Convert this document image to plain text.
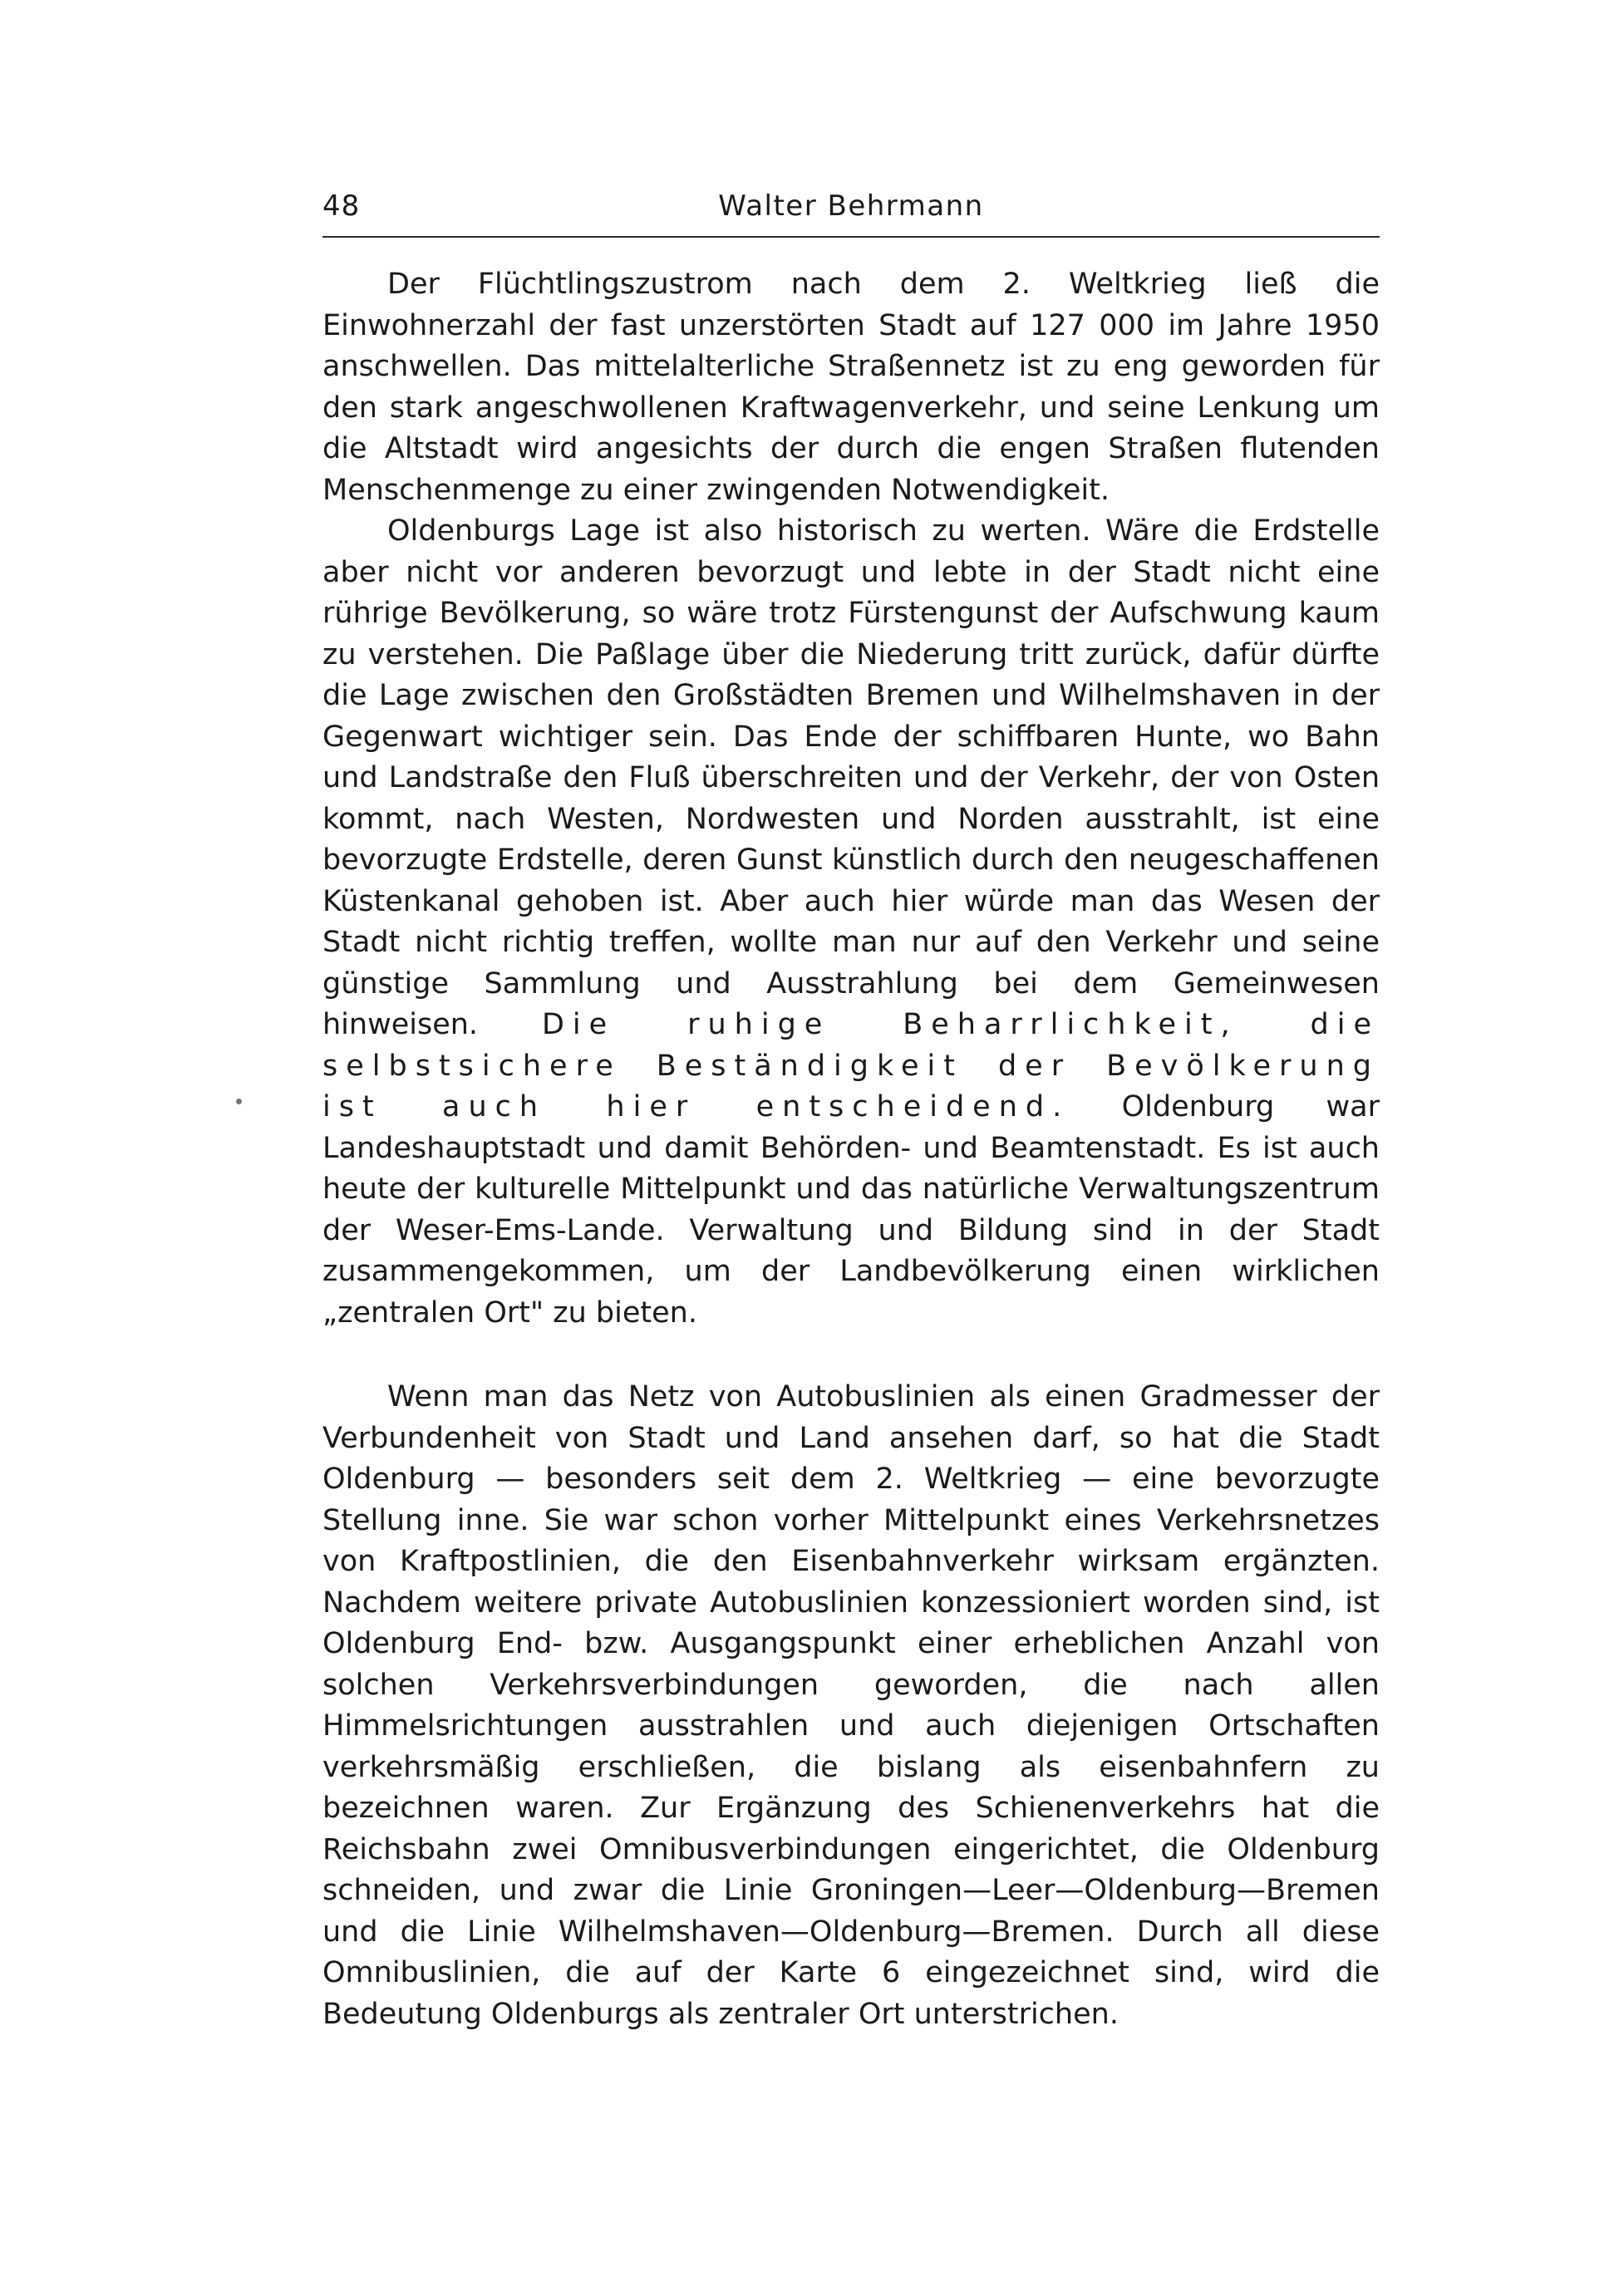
48	Walter Behrmann

Der Flüchtlingszustrom nach dem 2. Weltkrieg ließ die Einwohnerzahl der fast unzerstörten Stadt auf 127 000 im Jahre 1950 anschwellen. Das mittelalterliche Straßennetz ist zu eng geworden für den stark angeschwollenen Kraftwagenverkehr, und seine Lenkung um die Altstadt wird angesichts der durch die engen Straßen flutenden Menschenmenge zu einer zwingenden Notwendigkeit.

Oldenburgs Lage ist also historisch zu werten. Wäre die Erdstelle aber nicht vor anderen bevorzugt und lebte in der Stadt nicht eine rührige Bevölkerung, so wäre trotz Fürstengunst der Aufschwung kaum zu verstehen. Die Paßlage über die Niederung tritt zurück, dafür dürfte die Lage zwischen den Großstädten Bremen und Wilhelmshaven in der Gegenwart wichtiger sein. Das Ende der schiffbaren Hunte, wo Bahn und Landstraße den Fluß überschreiten und der Verkehr, der von Osten kommt, nach Westen, Nordwesten und Norden ausstrahlt, ist eine bevorzugte Erdstelle, deren Gunst künstlich durch den neugeschaffenen Küstenkanal gehoben ist. Aber auch hier würde man das Wesen der Stadt nicht richtig treffen, wollte man nur auf den Verkehr und seine günstige Sammlung und Ausstrahlung bei dem Gemeinwesen hinweisen. Die ruhige Beharrlichkeit, die selbstsichere Beständigkeit der Bevölkerung ist auch hier entscheidend. Oldenburg war Landeshauptstadt und damit Behörden- und Beamtenstadt. Es ist auch heute der kulturelle Mittelpunkt und das natürliche Verwaltungszentrum der Weser-Ems-Lande. Verwaltung und Bildung sind in der Stadt zusammengekommen, um der Landbevölkerung einen wirklichen „zentralen Ort" zu bieten.

Wenn man das Netz von Autobuslinien als einen Gradmesser der Verbundenheit von Stadt und Land ansehen darf, so hat die Stadt Oldenburg — besonders seit dem 2. Weltkrieg — eine bevorzugte Stellung inne. Sie war schon vorher Mittelpunkt eines Verkehrsnetzes von Kraftpostlinien, die den Eisenbahnverkehr wirksam ergänzten. Nachdem weitere private Autobuslinien konzessioniert worden sind, ist Oldenburg End- bzw. Ausgangspunkt einer erheblichen Anzahl von solchen Verkehrsverbindungen geworden, die nach allen Himmelsrichtungen ausstrahlen und auch diejenigen Ortschaften verkehrsmäßig erschließen, die bislang als eisenbahnfern zu bezeichnen waren. Zur Ergänzung des Schienenverkehrs hat die Reichsbahn zwei Omnibusverbindungen eingerichtet, die Oldenburg schneiden, und zwar die Linie Groningen—Leer—Oldenburg—Bremen und die Linie Wilhelmshaven—Oldenburg—Bremen. Durch all diese Omnibuslinien, die auf der Karte 6 eingezeichnet sind, wird die Bedeutung Oldenburgs als zentraler Ort unterstrichen.
